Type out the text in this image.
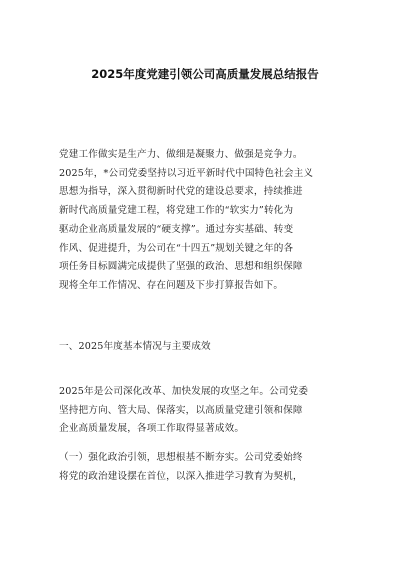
2025年度党建引领公司高质量发展总结报告
党建工作做实是生产力、做细是凝聚力、做强是竞争力。
2025年，*公司党委坚持以习近平新时代中国特色社会主义
思想为指导，深入贯彻新时代党的建设总要求，持续推进
新时代高质量党建工程，将党建工作的“软实力”转化为
驱动企业高质量发展的“硬支撑”。通过夯实基础、转变
作风、促进提升，为公司在“十四五”规划关键之年的各
项任务目标圆满完成提供了坚强的政治、思想和组织保障
现将全年工作情况、存在问题及下步打算报告如下。
一、2025年度基本情况与主要成效
2025年是公司深化改革、加快发展的攻坚之年。公司党委
坚持把方向、管大局、保落实，以高质量党建引领和保障
企业高质量发展，各项工作取得显著成效。
（一）强化政治引领，思想根基不断夯实。公司党委始终
将党的政治建设摆在首位，以深入推进学习教育为契机，
